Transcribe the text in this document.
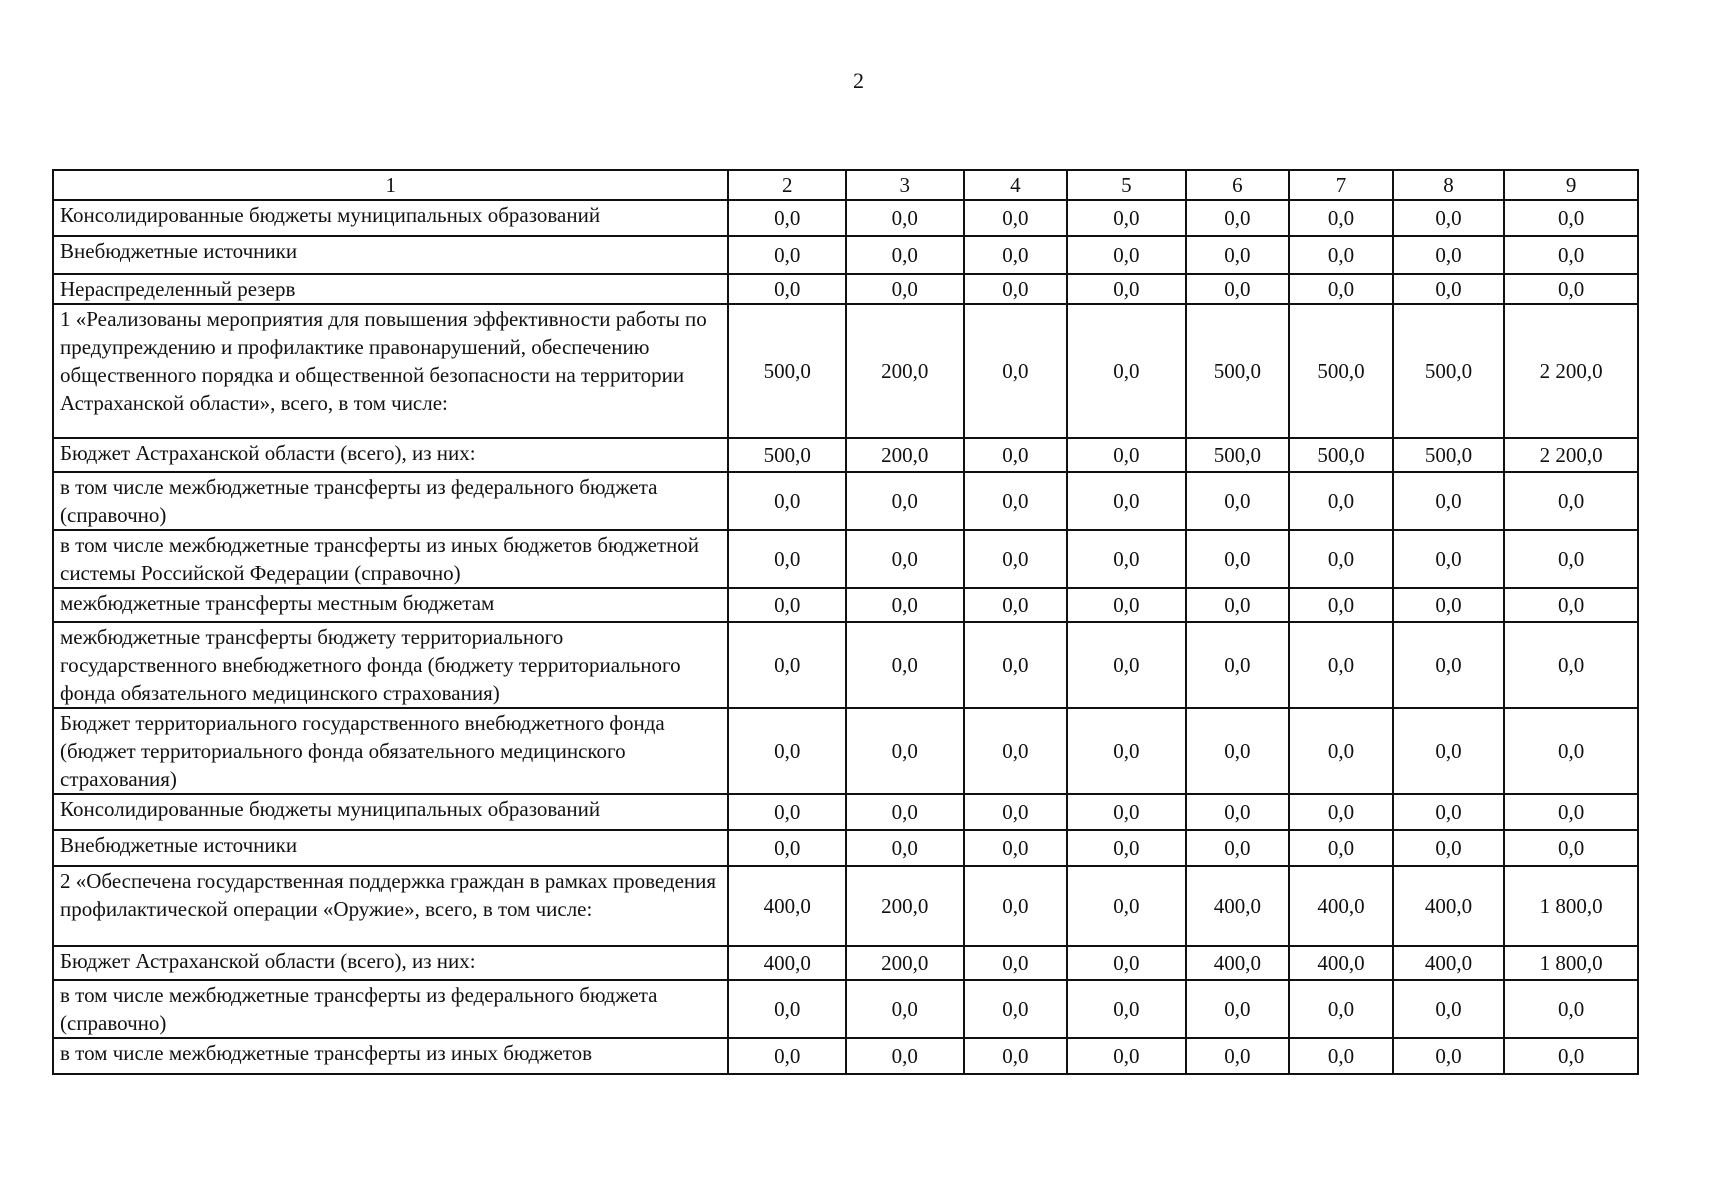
2
1	2	3	4	5	6	7	8	9
Консолидированные бюджеты муниципальных образований	0,0	0,0	0,0	0,0	0,0	0,0	0,0	0,0
Внебюджетные источники	0,0	0,0	0,0	0,0	0,0	0,0	0,0	0,0
Нераспределенный резерв	0,0	0,0	0,0	0,0	0,0	0,0	0,0	0,0
1 «Реализованы мероприятия для повышения эффективности работы по предупреждению и профилактике правонарушений, обеспечению общественного порядка и общественной безопасности на территории Астраханской области», всего, в том числе:	500,0	200,0	0,0	0,0	500,0	500,0	500,0	2 200,0
Бюджет Астраханской области (всего), из них:	500,0	200,0	0,0	0,0	500,0	500,0	500,0	2 200,0
в том числе межбюджетные трансферты из федерального бюджета (справочно)	0,0	0,0	0,0	0,0	0,0	0,0	0,0	0,0
в том числе межбюджетные трансферты из иных бюджетов бюджетной системы Российской Федерации (справочно)	0,0	0,0	0,0	0,0	0,0	0,0	0,0	0,0
межбюджетные трансферты местным бюджетам	0,0	0,0	0,0	0,0	0,0	0,0	0,0	0,0
межбюджетные трансферты бюджету территориального государственного внебюджетного фонда (бюджету территориального фонда обязательного медицинского страхования)	0,0	0,0	0,0	0,0	0,0	0,0	0,0	0,0
Бюджет территориального государственного внебюджетного фонда (бюджет территориального фонда обязательного медицинского страхования)	0,0	0,0	0,0	0,0	0,0	0,0	0,0	0,0
Консолидированные бюджеты муниципальных образований	0,0	0,0	0,0	0,0	0,0	0,0	0,0	0,0
Внебюджетные источники	0,0	0,0	0,0	0,0	0,0	0,0	0,0	0,0
2 «Обеспечена государственная поддержка граждан в рамках проведения профилактической операции «Оружие», всего, в том числе:	400,0	200,0	0,0	0,0	400,0	400,0	400,0	1 800,0
Бюджет Астраханской области (всего), из них:	400,0	200,0	0,0	0,0	400,0	400,0	400,0	1 800,0
в том числе межбюджетные трансферты из федерального бюджета (справочно)	0,0	0,0	0,0	0,0	0,0	0,0	0,0	0,0
в том числе межбюджетные трансферты из иных бюджетов	0,0	0,0	0,0	0,0	0,0	0,0	0,0	0,0
